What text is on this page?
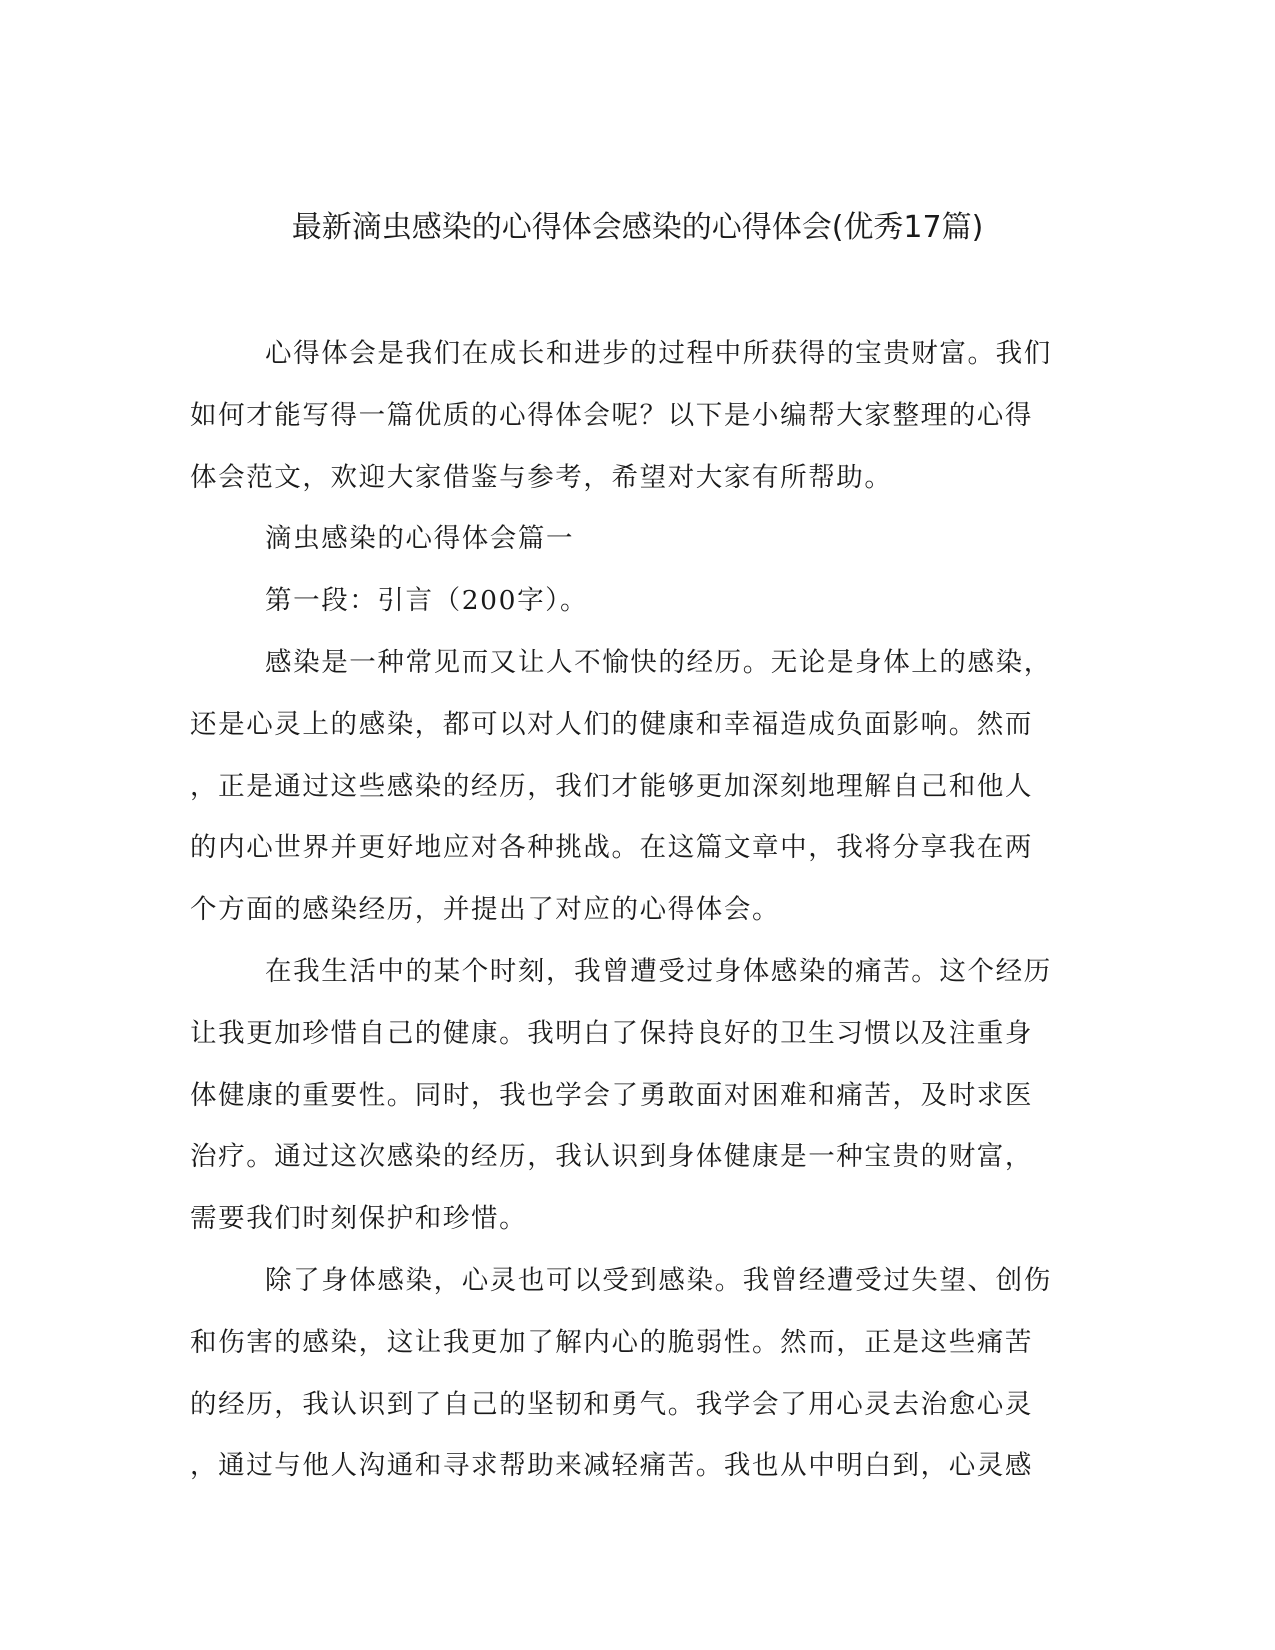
最新滴虫感染的心得体会感染的心得体会(优秀17篇)
心得体会是我们在成长和进步的过程中所获得的宝贵财富。我们
如何才能写得一篇优质的心得体会呢？以下是小编帮大家整理的心得
体会范文，欢迎大家借鉴与参考，希望对大家有所帮助。
滴虫感染的心得体会篇一
第一段：引言（200字）。
感染是一种常见而又让人不愉快的经历。无论是身体上的感染，
还是心灵上的感染，都可以对人们的健康和幸福造成负面影响。然而
，正是通过这些感染的经历，我们才能够更加深刻地理解自己和他人
的内心世界并更好地应对各种挑战。在这篇文章中，我将分享我在两
个方面的感染经历，并提出了对应的心得体会。
在我生活中的某个时刻，我曾遭受过身体感染的痛苦。这个经历
让我更加珍惜自己的健康。我明白了保持良好的卫生习惯以及注重身
体健康的重要性。同时，我也学会了勇敢面对困难和痛苦，及时求医
治疗。通过这次感染的经历，我认识到身体健康是一种宝贵的财富，
需要我们时刻保护和珍惜。
除了身体感染，心灵也可以受到感染。我曾经遭受过失望、创伤
和伤害的感染，这让我更加了解内心的脆弱性。然而，正是这些痛苦
的经历，我认识到了自己的坚韧和勇气。我学会了用心灵去治愈心灵
，通过与他人沟通和寻求帮助来减轻痛苦。我也从中明白到，心灵感
